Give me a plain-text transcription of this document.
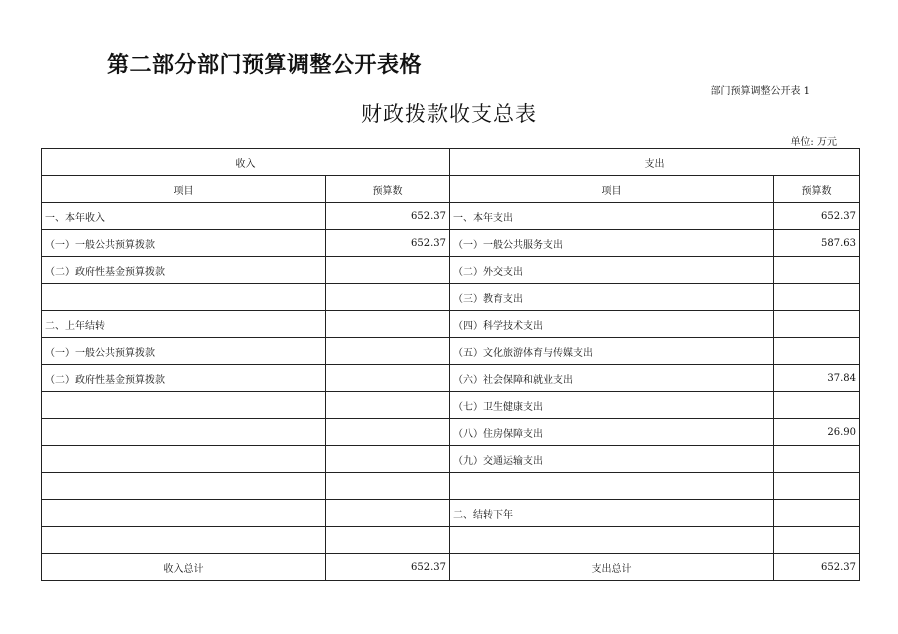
第二部分部门预算调整公开表格
部门预算调整公开表 1
财政拨款收支总表
单位: 万元
收入		支出	
项目	预算数	项目	预算数
一、本年收入	652.37	一、本年支出	652.37
（一）一般公共预算拨款	652.37	（一）一般公共服务支出	587.63
（二）政府性基金预算拨款		（二）外交支出	
		（三）教育支出	
二、上年结转		（四）科学技术支出	
（一）一般公共预算拨款		（五）文化旅游体育与传媒支出	
（二）政府性基金预算拨款		（六）社会保障和就业支出	37.84
		（七）卫生健康支出	
		（八）住房保障支出	26.90
		（九）交通运输支出	

		二、结转下年	

收入总计	652.37	支出总计	652.37
